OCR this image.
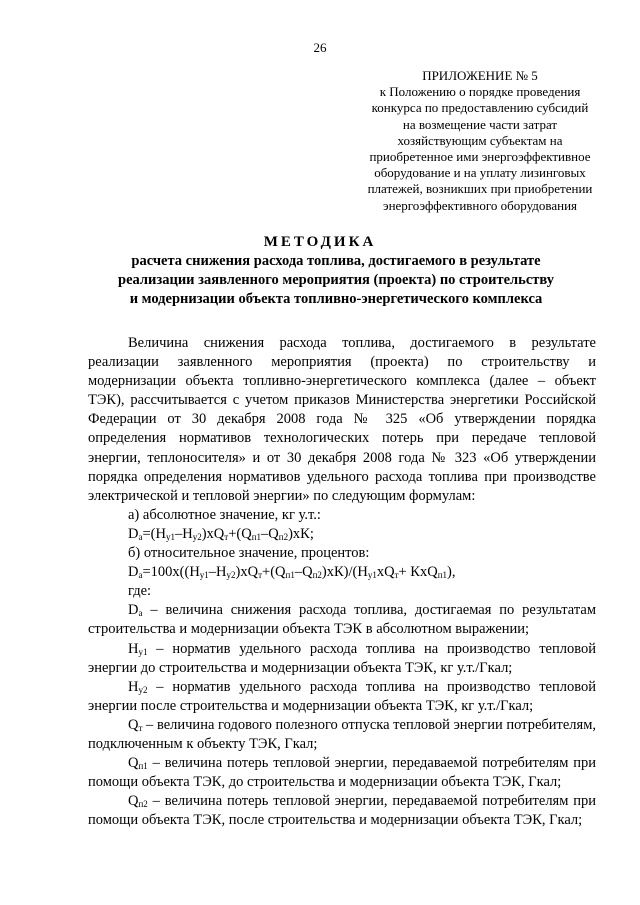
26
ПРИЛОЖЕНИЕ № 5
к Положению о порядке проведения
конкурса по предоставлению субсидий
на возмещение части затрат
хозяйствующим субъектам на
приобретенное ими энергоэффективное
оборудование и на уплату лизинговых
платежей, возникших при приобретении
энергоэффективного оборудования
МЕТОДИКА
расчета снижения расхода топлива, достигаемого в результате
реализации заявленного мероприятия (проекта) по строительству
и модернизации объекта топливно-энергетического комплекса

Величина снижения расхода топлива, достигаемого в результате реализации заявленного мероприятия (проекта) по строительству и модернизации объекта топливно-энергетического комплекса (далее – объект ТЭК), рассчитывается с учетом приказов Министерства энергетики Российской Федерации от 30 декабря 2008 года № 325 «Об утверждении порядка определения нормативов технологических потерь при передаче тепловой энергии, теплоносителя» и от 30 декабря 2008 года № 323 «Об утверждении порядка определения нормативов удельного расхода топлива при производстве электрической и тепловой энергии» по следующим формулам:

а) абсолютное значение, кг у.т.:

$D_а=(Н_{у1}-Н_{у2})хQ_т+(Q_{п1}-Q_{п2})хК$;

б) относительное значение, процентов:

$D_а=100х((Н_{у1}-Н_{у2})хQ_т+(Q_{п1}-Q_{п2})хК)/(Н_{у1}хQ_т+ КхQ_{п1})$,

где:

$D_а$ – величина снижения расхода топлива, достигаемая по результатам строительства и модернизации объекта ТЭК в абсолютном выражении;

$Н_{у1}$ – норматив удельного расхода топлива на производство тепловой энергии до строительства и модернизации объекта ТЭК, кг у.т./Гкал;

$Н_{у2}$ – норматив удельного расхода топлива на производство тепловой энергии после строительства и модернизации объекта ТЭК, кг у.т./Гкал;

$Q_т$ – величина годового полезного отпуска тепловой энергии потребителям, подключенным к объекту ТЭК, Гкал;

$Q_{п1}$ – величина потерь тепловой энергии, передаваемой потребителям при помощи объекта ТЭК, до строительства и модернизации объекта ТЭК, Гкал;

$Q_{п2}$ – величина потерь тепловой энергии, передаваемой потребителям при помощи объекта ТЭК, после строительства и модернизации объекта ТЭК, Гкал;
